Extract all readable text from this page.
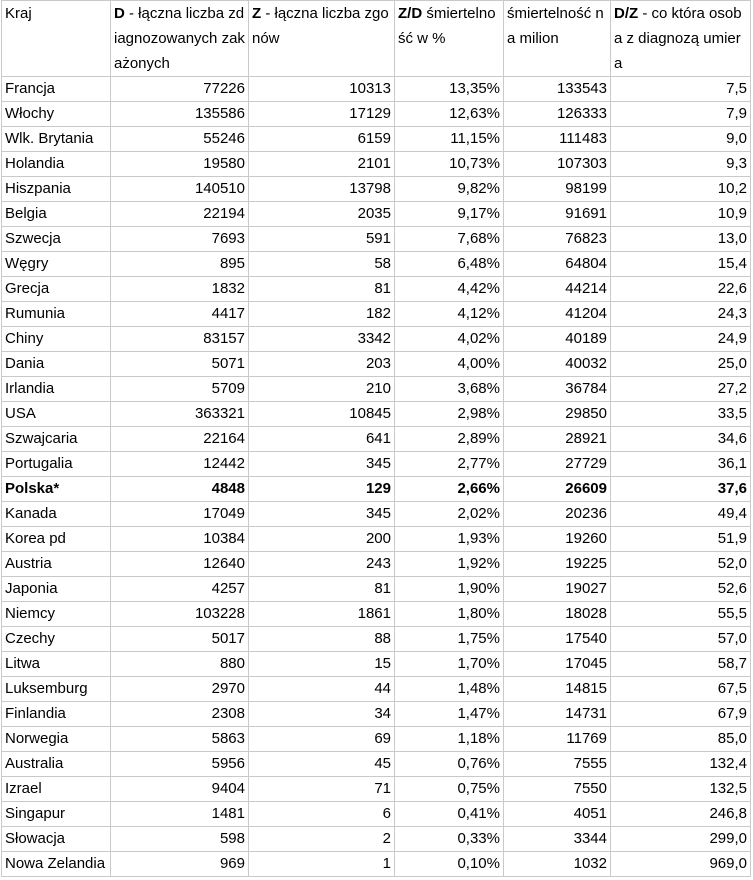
Kraj	D - łączna liczba zdiagnozowanych zakażonych	Z - łączna liczba zgonów	Z/D śmiertelność w %	śmiertelność na milion	D/Z - co która osoba z diagnozą umiera
Francja	77226	10313	13,35%	133543	7,5
Włochy	135586	17129	12,63%	126333	7,9
Wlk. Brytania	55246	6159	11,15%	111483	9,0
Holandia	19580	2101	10,73%	107303	9,3
Hiszpania	140510	13798	9,82%	98199	10,2
Belgia	22194	2035	9,17%	91691	10,9
Szwecja	7693	591	7,68%	76823	13,0
Węgry	895	58	6,48%	64804	15,4
Grecja	1832	81	4,42%	44214	22,6
Rumunia	4417	182	4,12%	41204	24,3
Chiny	83157	3342	4,02%	40189	24,9
Dania	5071	203	4,00%	40032	25,0
Irlandia	5709	210	3,68%	36784	27,2
USA	363321	10845	2,98%	29850	33,5
Szwajcaria	22164	641	2,89%	28921	34,6
Portugalia	12442	345	2,77%	27729	36,1
Polska*	4848	129	2,66%	26609	37,6
Kanada	17049	345	2,02%	20236	49,4
Korea pd	10384	200	1,93%	19260	51,9
Austria	12640	243	1,92%	19225	52,0
Japonia	4257	81	1,90%	19027	52,6
Niemcy	103228	1861	1,80%	18028	55,5
Czechy	5017	88	1,75%	17540	57,0
Litwa	880	15	1,70%	17045	58,7
Luksemburg	2970	44	1,48%	14815	67,5
Finlandia	2308	34	1,47%	14731	67,9
Norwegia	5863	69	1,18%	11769	85,0
Australia	5956	45	0,76%	7555	132,4
Izrael	9404	71	0,75%	7550	132,5
Singapur	1481	6	0,41%	4051	246,8
Słowacja	598	2	0,33%	3344	299,0
Nowa Zelandia	969	1	0,10%	1032	969,0
